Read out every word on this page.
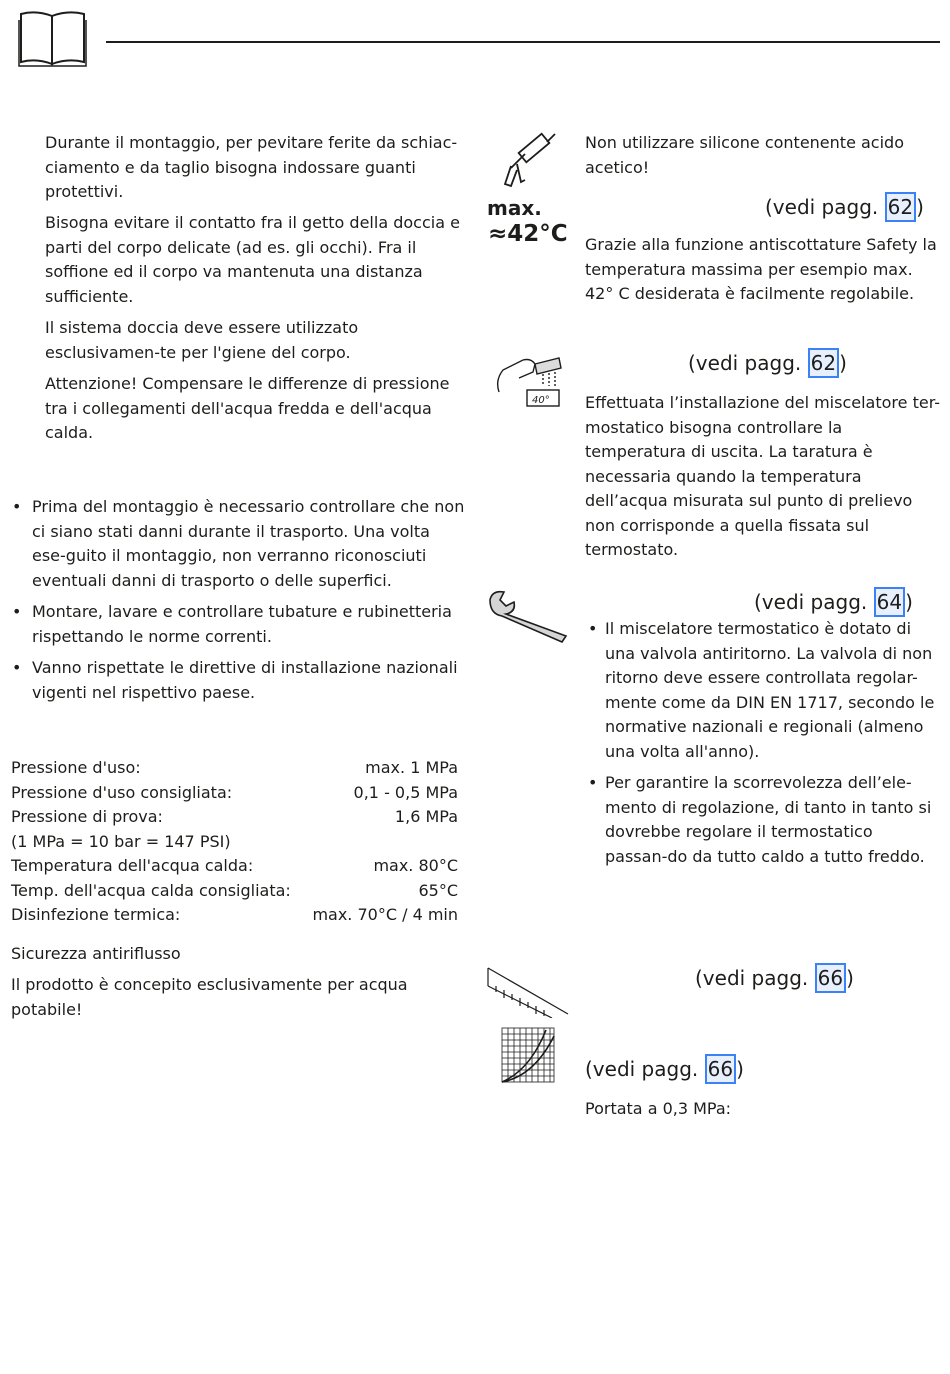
Durante il montaggio, per pevitare ferite da schiac-ciamento e da taglio bisogna indossare guanti protettivi.

Bisogna evitare il contatto fra il getto della doccia e parti del corpo delicate (ad es. gli occhi). Fra il soffione ed il corpo va mantenuta una distanza sufficiente.

Il sistema doccia deve essere utilizzato esclusivamen-te per l'giene del corpo.

Attenzione! Compensare le differenze di pressione tra i collegamenti dell'acqua fredda e dell'acqua calda.

• Prima del montaggio è necessario controllare che non ci siano stati danni durante il trasporto. Una volta ese-guito il montaggio, non verranno riconosciuti eventuali danni di trasporto o delle superfici.
• Montare, lavare e controllare tubature e rubinetteria rispettando le norme correnti.
• Vanno rispettate le direttive di installazione nazionali vigenti nel rispettivo paese.
Pressione d'uso:	max. 1 MPa
Pressione d'uso consigliata:	0,1 - 0,5 MPa
Pressione di prova:	1,6 MPa
(1 MPa = 10 bar = 147 PSI)
Temperatura dell'acqua calda:	max. 80°C
Temp. dell'acqua calda consigliata:	65°C
Disinfezione termica:	max. 70°C / 4 min

Sicurezza antiriflusso

Il prodotto è concepito esclusivamente per acqua potabile!

max.
≈42°C

Non utilizzare silicone contenente acido acetico!

(vedi pagg. 62 )

Grazie alla funzione antiscottature Safety la temperatura massima per esempio max. 42° C desiderata è facilmente regolabile.

40°
(vedi pagg. 62 )

Effettuata l’installazione del miscelatore ter-mostatico bisogna controllare la temperatura di uscita. La taratura è necessaria quando la temperatura dell’acqua misurata sul punto di prelievo non corrisponde a quella fissata sul termostato.

(vedi pagg. 64 )
• Il miscelatore termostatico è dotato di una valvola antiritorno. La valvola di non ritorno deve essere controllata regolar-mente come da DIN EN 1717, secondo le normative nazionali e regionali (almeno una volta all'anno).
• Per garantire la scorrevolezza dell’ele-mento di regolazione, di tanto in tanto si dovrebbe regolare il termostatico passan-do da tutto caldo a tutto freddo.
(vedi pagg. 66 )
(vedi pagg. 66 )

Portata a 0,3 MPa:
